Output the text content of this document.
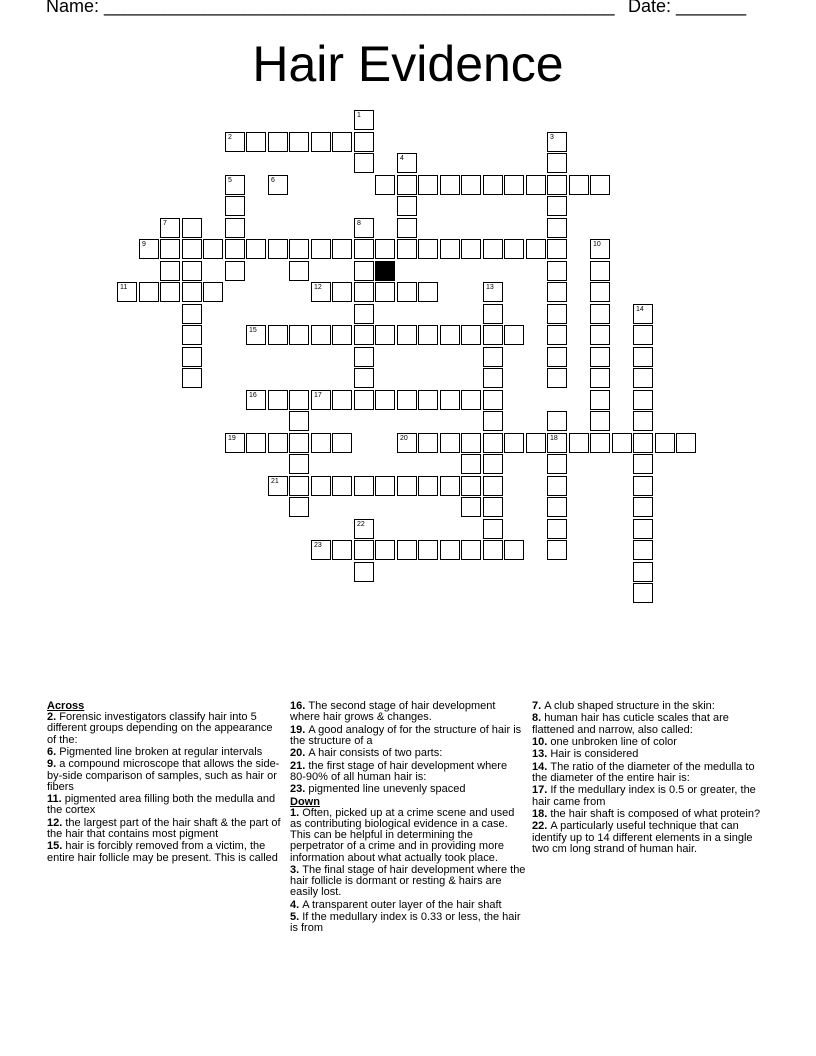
Name: ___________________________________________________ Date: _______
Hair Evidence
2
9
11	12
15
16	17
19	20	18
21
23
1
3
4
5
8
10
13
14
22
6
7
Across
2. Forensic investigators classify hair into 5 different groups depending on the appearance of the:
6. Pigmented line broken at regular intervals
9. a compound microscope that allows the side-by-side comparison of samples, such as hair or fibers
11. pigmented area filling both the medulla and the cortex
12. the largest part of the hair shaft & the part of the hair that contains most pigment
15. hair is forcibly removed from a victim, the entire hair follicle may be present. This is called
16. The second stage of hair development where hair grows & changes.
19. A good analogy of for the structure of hair is the structure of a
20. A hair consists of two parts:
21. the first stage of hair development where 80-90% of all human hair is:
23. pigmented line unevenly spaced
Down
1. Often, picked up at a crime scene and used as contributing biological evidence in a case. This can be helpful in determining the perpetrator of a crime and in providing more information about what actually took place.
3. The final stage of hair development where the hair follicle is dormant or resting & hairs are easily lost.
4. A transparent outer layer of the hair shaft
5. If the medullary index is 0.33 or less, the hair is from
7. A club shaped structure in the skin:
8. human hair has cuticle scales that are flattened and narrow, also called:
10. one unbroken line of color
13. Hair is considered
14. The ratio of the diameter of the medulla to the diameter of the entire hair is:
17. If the medullary index is 0.5 or greater, the hair came from
18. the hair shaft is composed of what protein?
22. A particularly useful technique that can identify up to 14 different elements in a single two cm long strand of human hair.
